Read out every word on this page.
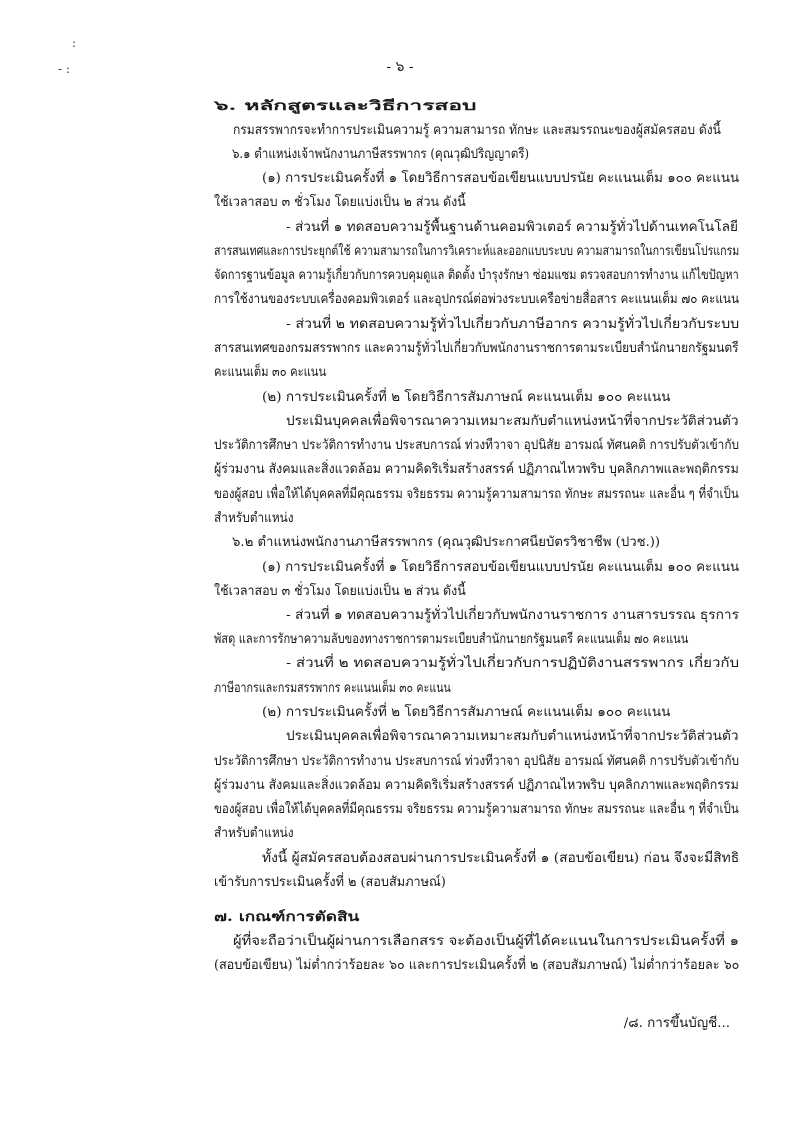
:
- :	- ๖ -
๖. หลักสูตรและวิธีการสอบ
กรมสรรพากรจะทำการประเมินความรู้ ความสามารถ ทักษะ และสมรรถนะของผู้สมัครสอบ ดังนี้
๖.๑ ตำแหน่งเจ้าพนักงานภาษีสรรพากร (คุณวุฒิปริญญาตรี)
(๑) การประเมินครั้งที่ ๑ โดยวิธีการสอบข้อเขียนแบบปรนัย คะแนนเต็ม ๑๐๐ คะแนน
ใช้เวลาสอบ ๓ ชั่วโมง โดยแบ่งเป็น ๒ ส่วน ดังนี้
- ส่วนที่ ๑ ทดสอบความรู้พื้นฐานด้านคอมพิวเตอร์ ความรู้ทั่วไปด้านเทคโนโลยี
สารสนเทศและการประยุกต์ใช้ ความสามารถในการวิเคราะห์และออกแบบระบบ ความสามารถในการเขียนโปรแกรม
จัดการฐานข้อมูล ความรู้เกี่ยวกับการควบคุมดูแล ติดตั้ง บำรุงรักษา ซ่อมแซม ตรวจสอบการทำงาน แก้ไขปัญหา
การใช้งานของระบบเครื่องคอมพิวเตอร์ และอุปกรณ์ต่อพ่วงระบบเครือข่ายสื่อสาร คะแนนเต็ม ๗๐ คะแนน
- ส่วนที่ ๒ ทดสอบความรู้ทั่วไปเกี่ยวกับภาษีอากร ความรู้ทั่วไปเกี่ยวกับระบบ
สารสนเทศของกรมสรรพากร และความรู้ทั่วไปเกี่ยวกับพนักงานราชการตามระเบียบสำนักนายกรัฐมนตรี
คะแนนเต็ม ๓๐ คะแนน
(๒) การประเมินครั้งที่ ๒ โดยวิธีการสัมภาษณ์ คะแนนเต็ม ๑๐๐ คะแนน
ประเมินบุคคลเพื่อพิจารณาความเหมาะสมกับตำแหน่งหน้าที่จากประวัติส่วนตัว
ประวัติการศึกษา ประวัติการทำงาน ประสบการณ์ ท่วงทีวาจา อุปนิสัย อารมณ์ ทัศนคติ การปรับตัวเข้ากับ
ผู้ร่วมงาน สังคมและสิ่งแวดล้อม ความคิดริเริ่มสร้างสรรค์ ปฏิภาณไหวพริบ บุคลิกภาพและพฤติกรรม
ของผู้สอบ เพื่อให้ได้บุคคลที่มีคุณธรรม จริยธรรม ความรู้ความสามารถ ทักษะ สมรรถนะ และอื่น ๆ ที่จำเป็น
สำหรับตำแหน่ง
๖.๒ ตำแหน่งพนักงานภาษีสรรพากร (คุณวุฒิประกาศนียบัตรวิชาชีพ (ปวช.))
(๑) การประเมินครั้งที่ ๑ โดยวิธีการสอบข้อเขียนแบบปรนัย คะแนนเต็ม ๑๐๐ คะแนน
ใช้เวลาสอบ ๓ ชั่วโมง โดยแบ่งเป็น ๒ ส่วน ดังนี้
- ส่วนที่ ๑ ทดสอบความรู้ทั่วไปเกี่ยวกับพนักงานราชการ งานสารบรรณ ธุรการ
พัสดุ และการรักษาความลับของทางราชการตามระเบียบสำนักนายกรัฐมนตรี คะแนนเต็ม ๗๐ คะแนน
- ส่วนที่ ๒ ทดสอบความรู้ทั่วไปเกี่ยวกับการปฏิบัติงานสรรพากร เกี่ยวกับ
ภาษีอากรและกรมสรรพากร คะแนนเต็ม ๓๐ คะแนน
(๒) การประเมินครั้งที่ ๒ โดยวิธีการสัมภาษณ์ คะแนนเต็ม ๑๐๐ คะแนน
ประเมินบุคคลเพื่อพิจารณาความเหมาะสมกับตำแหน่งหน้าที่จากประวัติส่วนตัว
ประวัติการศึกษา ประวัติการทำงาน ประสบการณ์ ท่วงทีวาจา อุปนิสัย อารมณ์ ทัศนคติ การปรับตัวเข้ากับ
ผู้ร่วมงาน สังคมและสิ่งแวดล้อม ความคิดริเริ่มสร้างสรรค์ ปฏิภาณไหวพริบ บุคลิกภาพและพฤติกรรม
ของผู้สอบ เพื่อให้ได้บุคคลที่มีคุณธรรม จริยธรรม ความรู้ความสามารถ ทักษะ สมรรถนะ และอื่น ๆ ที่จำเป็น
สำหรับตำแหน่ง
ทั้งนี้ ผู้สมัครสอบต้องสอบผ่านการประเมินครั้งที่ ๑ (สอบข้อเขียน) ก่อน จึงจะมีสิทธิ
เข้ารับการประเมินครั้งที่ ๒ (สอบสัมภาษณ์)
๗. เกณฑ์การตัดสิน
ผู้ที่จะถือว่าเป็นผู้ผ่านการเลือกสรร จะต้องเป็นผู้ที่ได้คะแนนในการประเมินครั้งที่ ๑
(สอบข้อเขียน) ไม่ต่ำกว่าร้อยละ ๖๐ และการประเมินครั้งที่ ๒ (สอบสัมภาษณ์) ไม่ต่ำกว่าร้อยละ ๖๐
/๘. การขึ้นบัญชี...
